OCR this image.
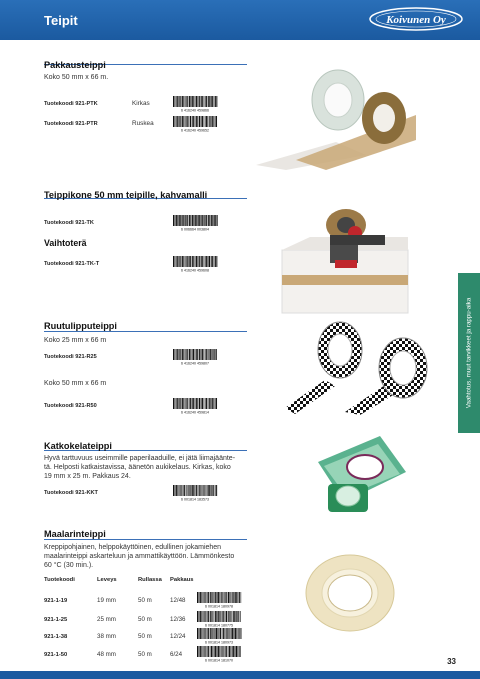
Teipit	Koivunen Oy
Vaahtotus, muut tarvikkeet ja rappu-aika
Pakkausteippi
Koko 50 mm x 66 m.
Tuotekoodi 921-PTK	Kirkas
6 416240 459866
Tuotekoodi 921-PTR	Ruskea
6 416240 459652
Teippikone 50 mm teipille, kahvamalli
Tuotekoodi 921-TK
6 006664 003804
Vaihtoterä
Tuotekoodi 921-TK-T
6 416240 459608
Ruutulipputeippi
Koko 25 mm x 66 m
Tuotekoodi 921-R25
6 416240 459807
Koko 50 mm x 66 m
Tuotekoodi 921-R50
6 416240 459814
Katkokelateippi
Hyvä tarttuvuus useimmille paperilaaduille, ei jätä liimajäänte-
tä. Helposti katkaistavissa, äänetön aukikelaus. Kirkas, koko
19 mm x 25 m. Pakkaus 24.
Tuotekoodi 921-KKT
6 001814 183573
Maalarinteippi
Kreppipohjainen, helppokäyttöinen, edullinen jokamiehen
maalarinteippi askarteluun ja ammattikäyttöön. Lämmönkesto
60 °C (30 min.).
Tuotekoodi	Leveys	Rullassa Pakkaus
921-1-19	19 mm	50 m	12/48
6 001814 180978
921-1-25	25 mm	50 m	12/36
6 001814 180775
921-1-38	38 mm	50 m	12/24
6 001814 180973
921-1-50	48 mm	50 m	6/24
6 001814 181070	33
